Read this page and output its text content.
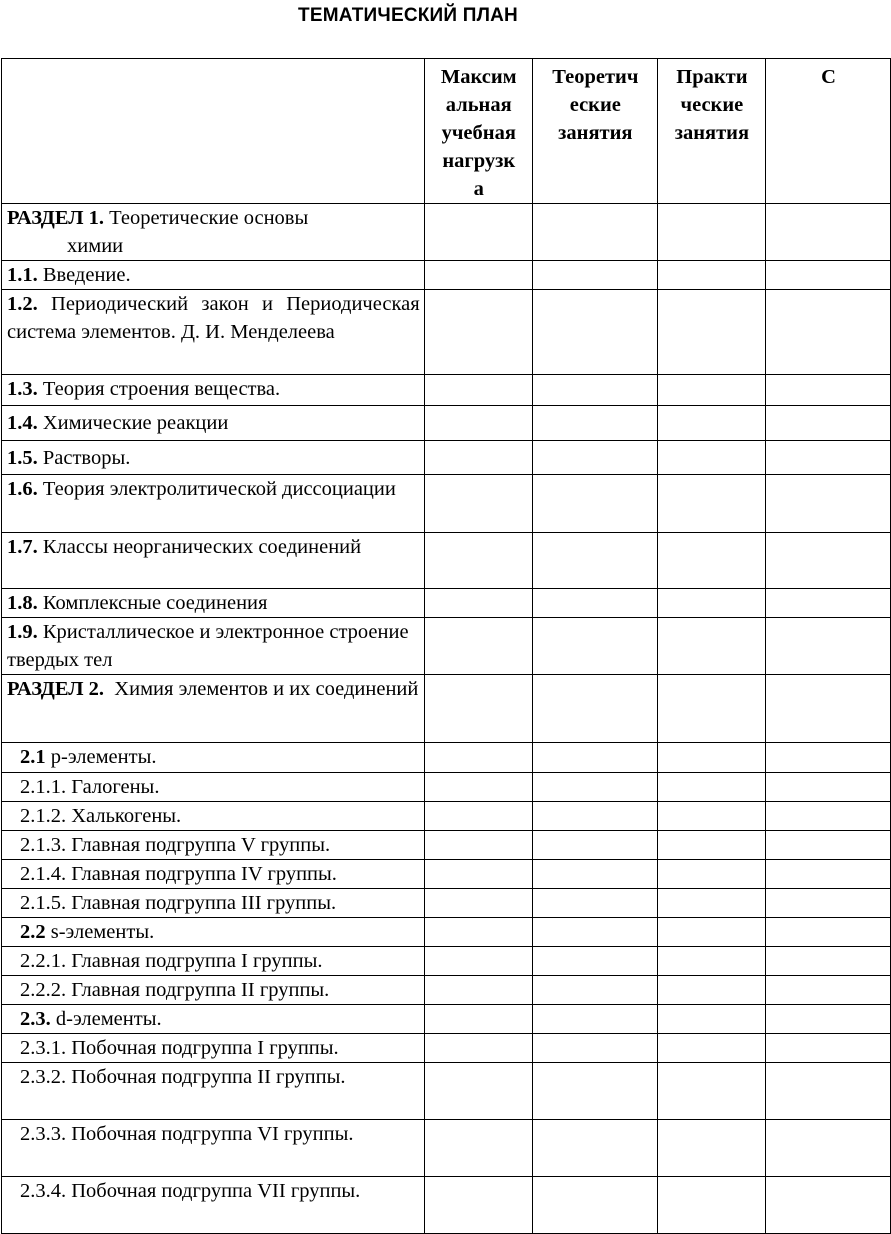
ТЕМАТИЧЕСКИЙ ПЛАН
	Максим
альная
учебная
нагрузк
а	Теоретич
еские
занятия	Практи
ческие
занятия	С
РАЗДЕЛ 1. Теоретические основы
химии				

1.1. Введение.				
1.2. Периодический закон и Периодическая система элементов. Д. И. Менделеева				
1.3. Теория строения вещества.				
1.4. Химические реакции				
1.5. Растворы.				
1.6. Теория электролитической диссоциации				
1.7. Классы неорганических соединений				
1.8. Комплексные соединения				
1.9. Кристаллическое и электронное строение твердых тел				
РАЗДЕЛ 2.  Химия элементов и их соединений				
2.1 p-элементы.				
2.1.1. Галогены.				
2.1.2. Халькогены.				
2.1.3. Главная подгруппа V группы.				
2.1.4. Главная подгруппа IV группы.				
2.1.5. Главная подгруппа III группы.				
2.2 s-элементы.				
2.2.1. Главная подгруппа I группы.				
2.2.2. Главная подгруппа II группы.				
2.3. d-элементы.				
2.3.1. Побочная подгруппа I группы.				
2.3.2. Побочная подгруппа II группы.				
2.3.3. Побочная подгруппа VI группы.				
2.3.4. Побочная подгруппа VII группы.				
